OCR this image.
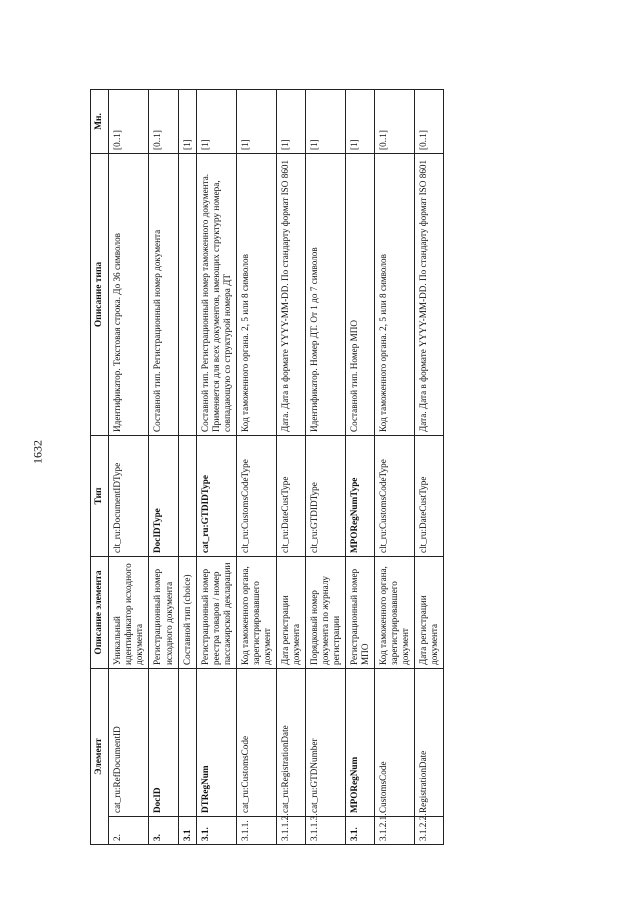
1632
Элемент		Описание элемента	Тип	Описание типа	Мн.
2.	cat_ru:RefDocumentID	Уникальный идентификатор исходного документа	clt_ru:DocumentIDType	Идентификатор. Текстовая строка. До 36 символов	[0..1]
3.	DocID	Регистрационный номер исходного документа	DocIDType	Составной тип. Регистрационный номер документа	[0..1]
3.1		Составной тип (choice)			[1]
3.1.	DTRegNum	Регистрационный номер реестра товаров / номер пассажирской декларации	cat_ru:GTDIDType	Составной тип. Регистрационный номер таможенного документа. Применяется для всех документов, имеющих структуру номера, совпадающую со структурой номера ДТ	[1]
3.1.1.	cat_ru:CustomsCode	Код таможенного органа, зарегистрировавшего документ	clt_ru:CustomsCodeType	Код таможенного органа. 2, 5 или 8 символов	[1]
3.1.1.2.	cat_ru:RegistrationDate	Дата регистрации документа	clt_ru:DateCustType	Дата. Дата в формате YYYY-MM-DD. По стандарту формат ISO 8601	[1]
3.1.1.3.	cat_ru:GTDNumber	Порядковый номер документа по журналу регистрации	clt_ru:GTDIDType	Идентификатор. Номер ДТ. От 1 до 7 символов	[1]
3.1.	MPORegNum	Регистрационный номер МПО	MPORegNumType	Составной тип. Номер МПО	[1]
3.1.2.1.	CustomsCode	Код таможенного органа, зарегистрировавшего документ	clt_ru:CustomsCodeType	Код таможенного органа. 2, 5 или 8 символов	[0..1]
3.1.2.2.	RegistrationDate	Дата регистрации документа	clt_ru:DateCustType	Дата. Дата в формате YYYY-MM-DD. По стандарту формат ISO 8601	[0..1]
